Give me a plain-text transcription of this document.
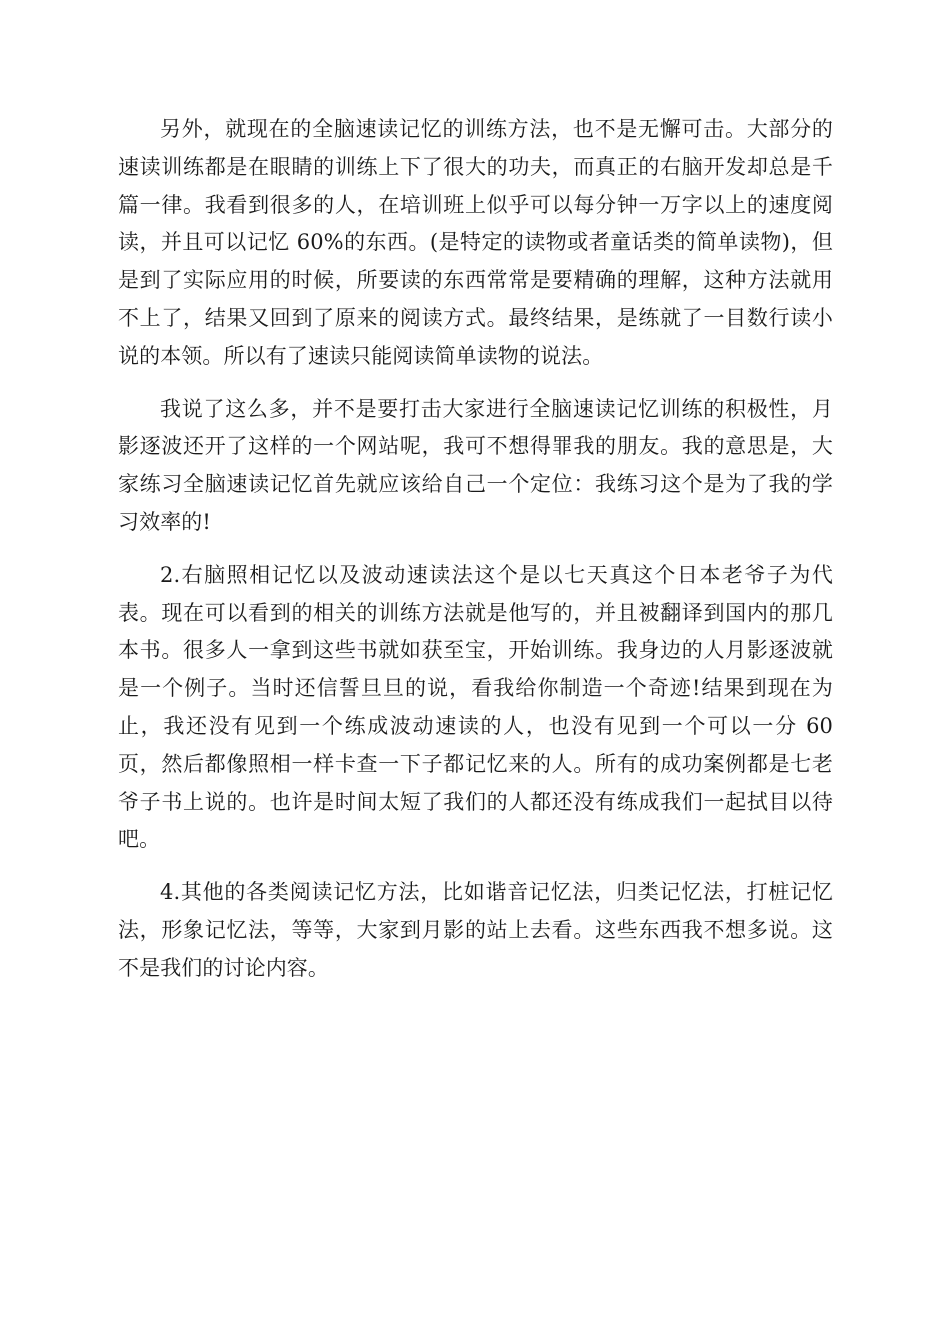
另外，就现在的全脑速读记忆的训练方法，也不是无懈可击。大部分的速读训练都是在眼睛的训练上下了很大的功夫，而真正的右脑开发却总是千篇一律。我看到很多的人，在培训班上似乎可以每分钟一万字以上的速度阅读，并且可以记忆 60%的东西。(是特定的读物或者童话类的简单读物)，但是到了实际应用的时候，所要读的东西常常是要精确的理解，这种方法就用不上了，结果又回到了原来的阅读方式。最终结果，是练就了一目数行读小说的本领。所以有了速读只能阅读简单读物的说法。

我说了这么多，并不是要打击大家进行全脑速读记忆训练的积极性，月影逐波还开了这样的一个网站呢，我可不想得罪我的朋友。我的意思是，大家练习全脑速读记忆首先就应该给自己一个定位：我练习这个是为了我的学习效率的!

2.右脑照相记忆以及波动速读法这个是以七天真这个日本老爷子为代表。现在可以看到的相关的训练方法就是他写的，并且被翻译到国内的那几本书。很多人一拿到这些书就如获至宝，开始训练。我身边的人月影逐波就是一个例子。当时还信誓旦旦的说，看我给你制造一个奇迹!结果到现在为止，我还没有见到一个练成波动速读的人，也没有见到一个可以一分 60 页，然后都像照相一样卡查一下子都记忆来的人。所有的成功案例都是七老爷子书上说的。也许是时间太短了我们的人都还没有练成我们一起拭目以待吧。

4.其他的各类阅读记忆方法，比如谐音记忆法，归类记忆法，打桩记忆法，形象记忆法，等等，大家到月影的站上去看。这些东西我不想多说。这不是我们的讨论内容。
